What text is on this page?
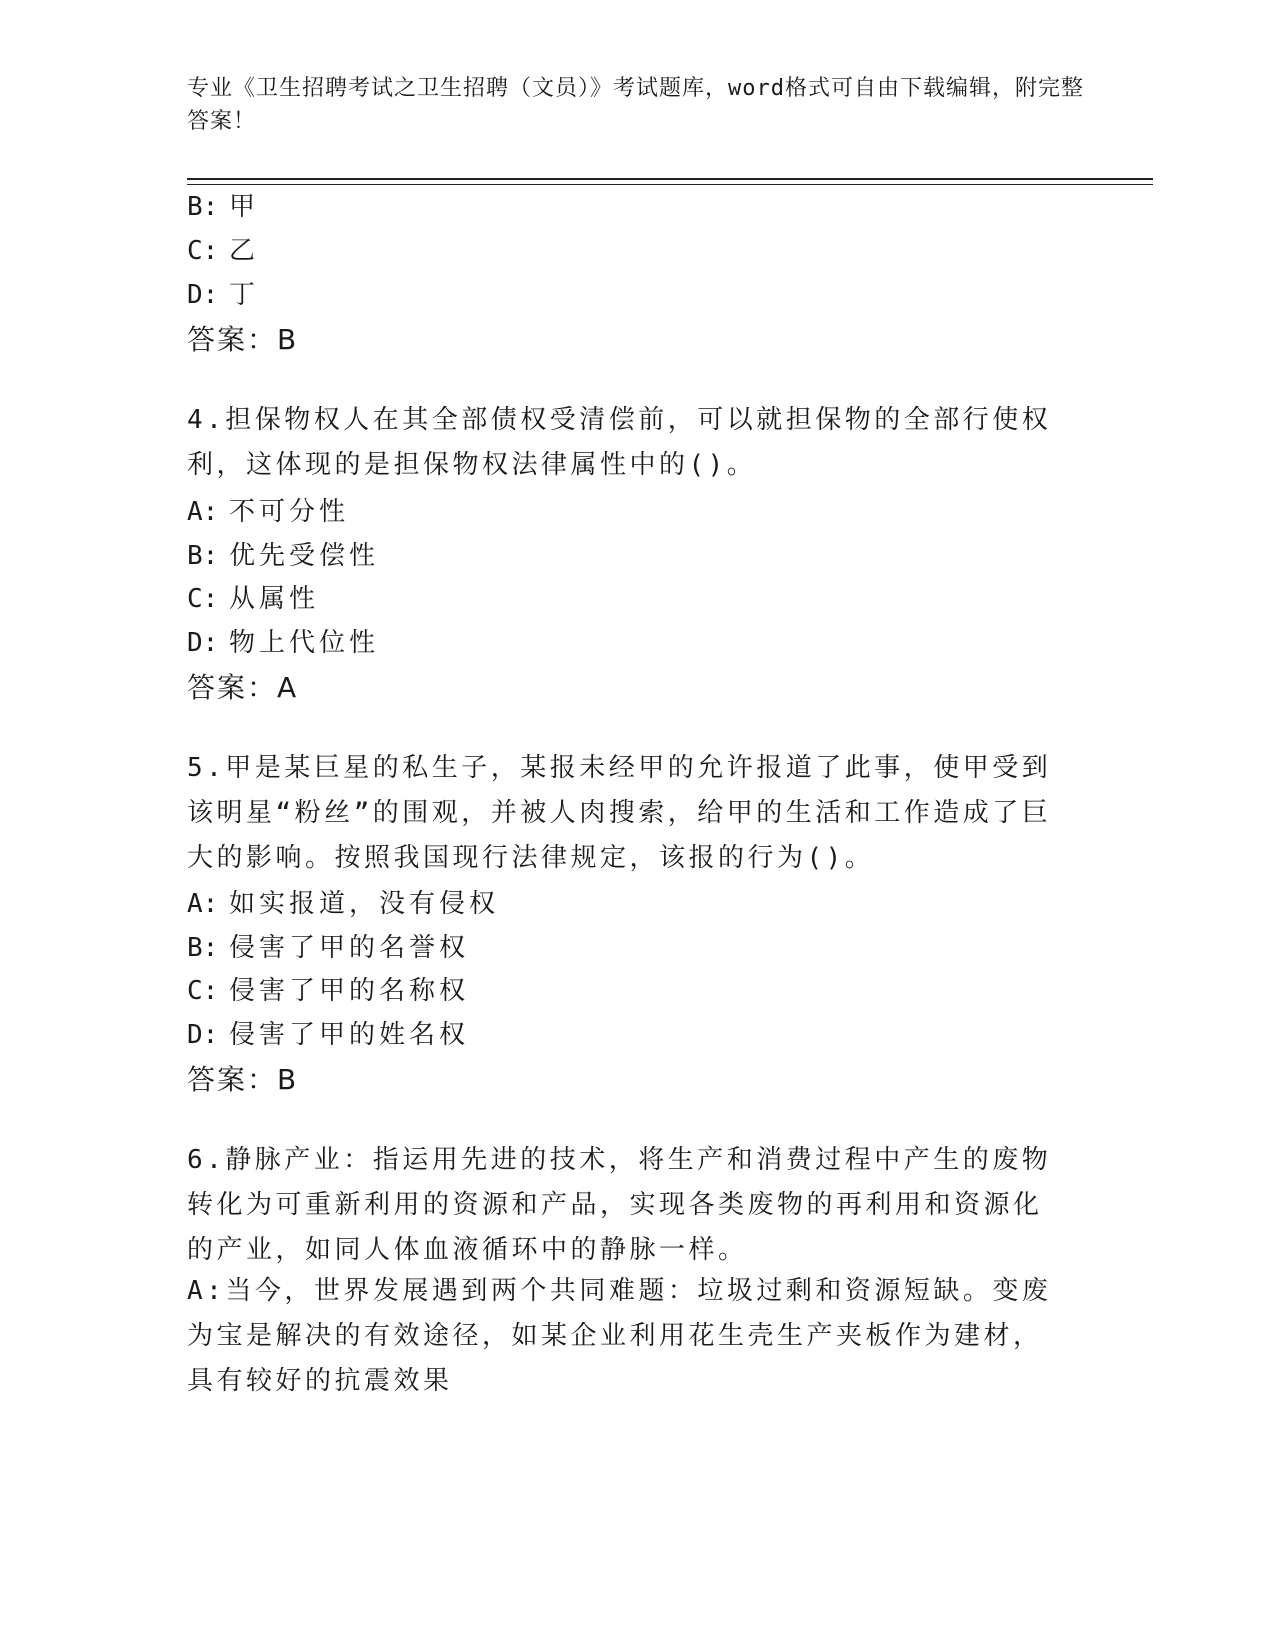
专业《卫生招聘考试之卫生招聘（文员）》考试题库，word格式可自由下载编辑，附完整答案！
B: 甲
C: 乙
D: 丁
答案：B
4.担保物权人在其全部债权受清偿前，可以就担保物的全部行使权利，这体现的是担保物权法律属性中的()。
A: 不可分性
B: 优先受偿性
C: 从属性
D: 物上代位性
答案：A
5.甲是某巨星的私生子，某报未经甲的允许报道了此事，使甲受到该明星“粉丝”的围观，并被人肉搜索，给甲的生活和工作造成了巨大的影响。按照我国现行法律规定，该报的行为()。
A: 如实报道，没有侵权
B: 侵害了甲的名誉权
C: 侵害了甲的名称权
D: 侵害了甲的姓名权
答案：B
6.静脉产业：指运用先进的技术，将生产和消费过程中产生的废物转化为可重新利用的资源和产品，实现各类废物的再利用和资源化的产业，如同人体血液循环中的静脉一样。
A:当今，世界发展遇到两个共同难题：垃圾过剩和资源短缺。变废为宝是解决的有效途径，如某企业利用花生壳生产夹板作为建材，具有较好的抗震效果
